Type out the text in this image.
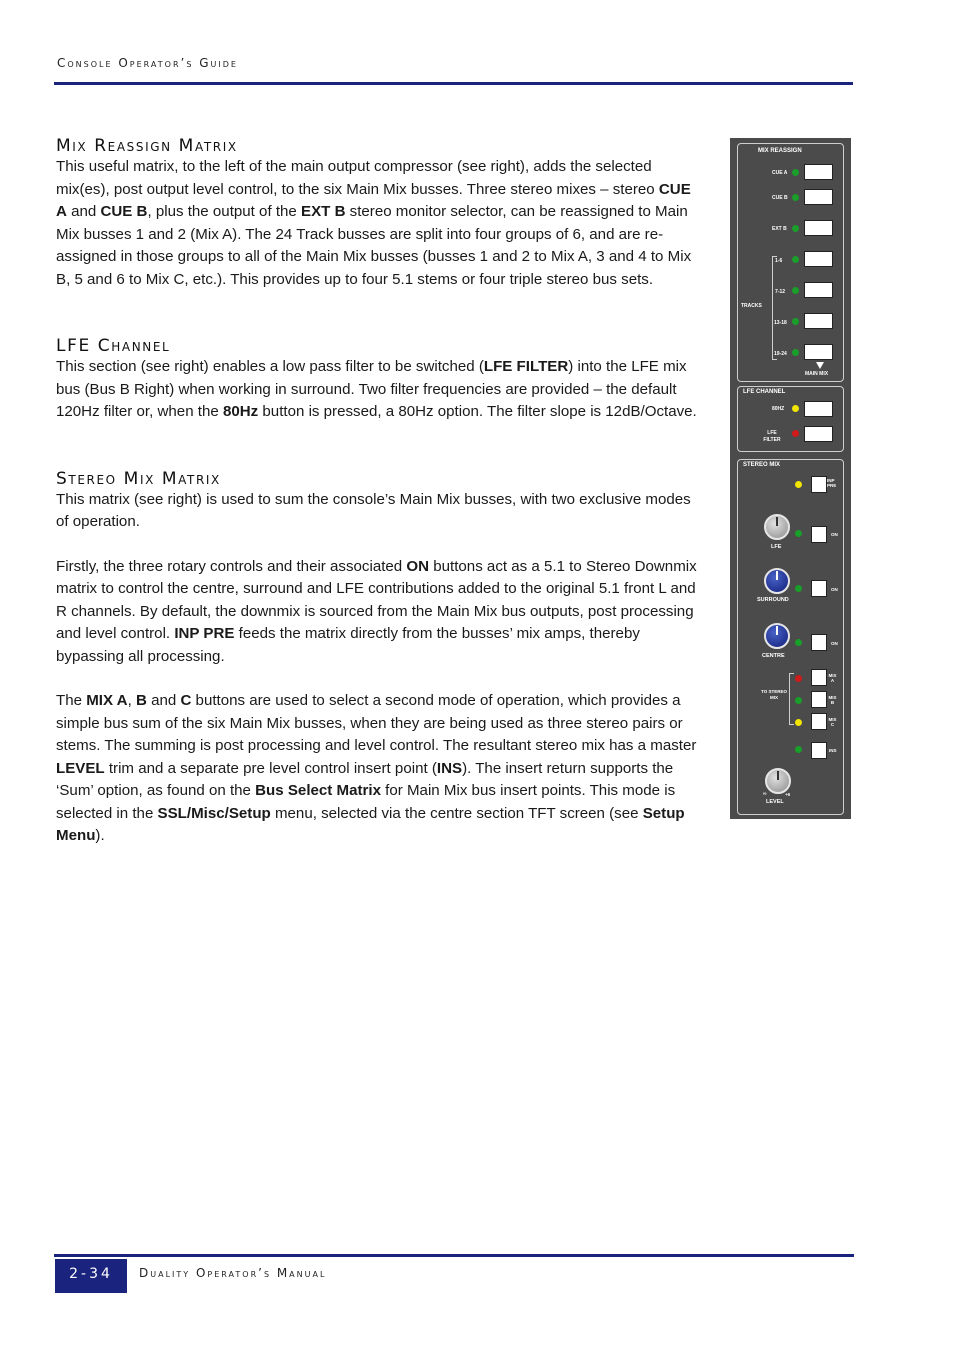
Console Operator’s Guide
Mix Reassign Matrix

This useful matrix, to the left of the main output compressor (see right), adds the selected mix(es), post output level control, to the six Main Mix busses. Three stereo mixes – stereo CUE A and CUE B, plus the output of the EXT B stereo monitor selector, can be reassigned to Main Mix busses 1 and 2 (Mix A). The 24 Track busses are split into four groups of 6, and are re-assigned in those groups to all of the Main Mix busses (busses 1 and 2 to Mix A, 3 and 4 to Mix B, 5 and 6 to Mix C, etc.). This provides up to four 5.1 stems or four triple stereo bus sets.

LFE Channel

This section (see right) enables a low pass filter to be switched (LFE FILTER) into the LFE mix bus (Bus B Right) when working in surround. Two filter frequencies are provided – the default 120Hz filter or, when the 80Hz button is pressed, a 80Hz option. The filter slope is 12dB/Octave.

Stereo Mix Matrix

This matrix (see right) is used to sum the console’s Main Mix busses, with two exclusive modes of operation.

Firstly, the three rotary controls and their associated ON buttons act as a 5.1 to Stereo Downmix matrix to control the centre, surround and LFE contributions added to the original 5.1 front L and R channels. By default, the downmix is sourced from the Main Mix bus outputs, post processing and level control. INP PRE feeds the matrix directly from the busses’ mix amps, thereby bypassing all processing.

The MIX A, B and C buttons are used to select a second mode of operation, which provides a simple bus sum of the six Main Mix busses, when they are being used as three stereo pairs or stems. The summing is post processing and level control. The resultant stereo mix has a master LEVEL trim and a separate pre level control insert point (INS). The insert return supports the ‘Sum’ option, as found on the Bus Select Matrix for Main Mix bus insert points. This mode is selected in the SSL/Misc/Setup menu, selected via the centre section TFT screen (see Setup Menu).

MIX REASSIGN
CUE A
CUE B
EXT B
TRACKS
1-6
7-12
13-18
19-24
MAIN MIX
LFE CHANNEL
80HZ
LFE FILTER
STEREO MIX
INP PRE
LFE
ON
SURROUND
ON
CENTRE
ON
TO STEREO MIX
MIX A
MIX B
MIX C
INS
∞	+6
LEVEL
2-34	Duality Operator’s Manual
